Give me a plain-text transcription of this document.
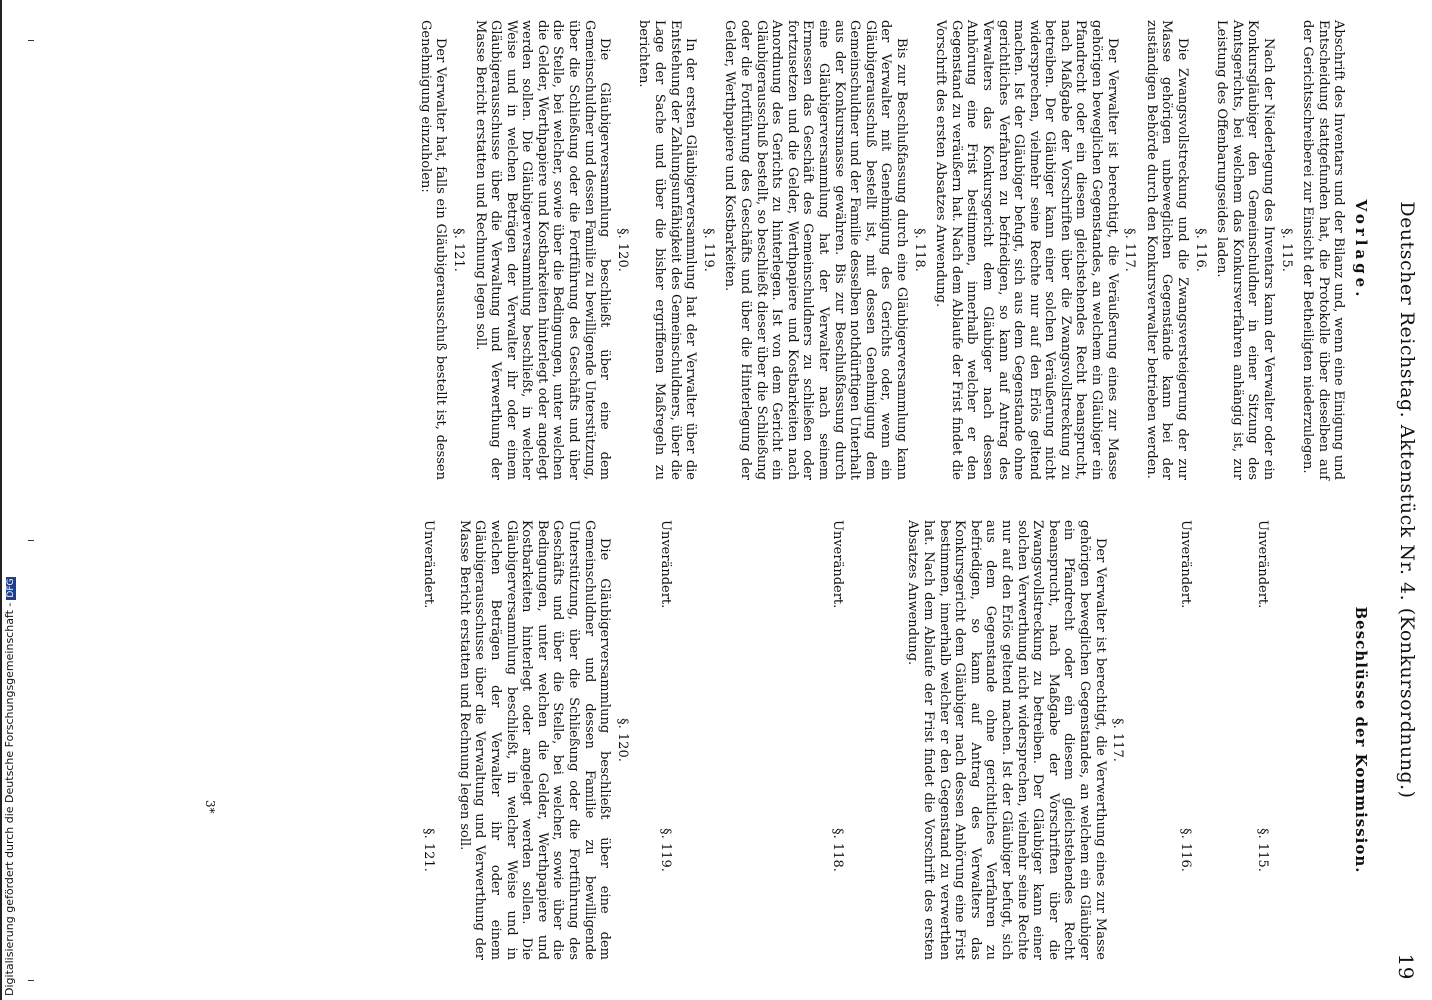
Deutscher Reichstag. Aktenstück Nr. 4. (Konkursordnung.)
19
Vorlage.

Abschrift des Inventars und der Bilanz und, wenn eine Einigung und Entscheidung stattgefunden hat, die Protokolle über dieselben auf der Gerichtsschreiberei zur Einsicht der Betheiligten niederzulegen.

§. 115.

Nach der Niederlegung des Inventars kann der Verwalter oder ein Konkursgläubiger den Gemeinschuldner in einer Sitzung des Amtsgerichts, bei welchem das Konkursverfahren anhängig ist, zur Leistung des Offenbarungseides laden.

§. 116.

Die Zwangsvollstreckung und die Zwangsversteigerung der zur Masse gehörigen unbeweglichen Gegenstände kann bei der zuständigen Behörde durch den Konkursverwalter betrieben werden.

§. 117.

Der Verwalter ist berechtigt, die Veräußerung eines zur Masse gehörigen beweglichen Gegenstandes, an welchem ein Gläubiger ein Pfandrecht oder ein diesem gleichstehendes Recht beansprucht, nach Maßgabe der Vorschriften über die Zwangsvollstreckung zu betreiben. Der Gläubiger kann einer solchen Veräußerung nicht widersprechen, vielmehr seine Rechte nur auf den Erlös geltend machen. Ist der Gläubiger befugt, sich aus dem Gegenstande ohne gerichtliches Verfahren zu befriedigen, so kann auf Antrag des Verwalters das Konkursgericht dem Gläubiger nach dessen Anhörung eine Frist bestimmen, innerhalb welcher er den Gegenstand zu veräußern hat. Nach dem Ablaufe der Frist findet die Vorschrift des ersten Absatzes Anwendung.

§. 118.

Bis zur Beschlußfassung durch eine Gläubigerversammlung kann der Verwalter mit Genehmigung des Gerichts oder, wenn ein Gläubigerausschuß bestellt ist, mit dessen Genehmigung dem Gemeinschuldner und der Familie desselben nothdürftigen Unterhalt aus der Konkursmasse gewähren. Bis zur Beschlußfassung durch eine Gläubigerversammlung hat der Verwalter nach seinem Ermessen das Geschäft des Gemeinschuldners zu schließen oder fortzusetzen und die Gelder, Werthpapiere und Kostbarkeiten nach Anordnung des Gerichts zu hinterlegen. Ist von dem Gericht ein Gläubigerausschuß bestellt, so beschließt dieser über die Schließung oder die Fortführung des Geschäfts und über die Hinterlegung der Gelder, Werthpapiere und Kostbarkeiten.

§. 119.

In der ersten Gläubigerversammlung hat der Verwalter über die Entstehung der Zahlungsunfähigkeit des Gemeinschuldners, über die Lage der Sache und über die bisher ergriffenen Maßregeln zu berichten.

§. 120.

Die Gläubigerversammlung beschließt über eine dem Gemeinschuldner und dessen Familie zu bewilligende Unterstützung, über die Schließung oder die Fortführung des Geschäfts und über die Stelle, bei welcher, sowie über die Bedingungen, unter welchen die Gelder, Werthpapiere und Kostbarkeiten hinterlegt oder angelegt werden sollen. Die Gläubigerversammlung beschließt, in welcher Weise und in welchen Beträgen der Verwalter ihr oder einem Gläubigerausschusse über die Verwaltung und Verwerthung der Masse Bericht erstatten und Rechnung legen soll.

§. 121.

Der Verwalter hat, falls ein Gläubigerausschuß bestellt ist, dessen Genehmigung einzuholen:

Beschlüsse der Kommission.
Unverändert.
§. 115.
Unverändert.
§. 116.
§. 117.

Der Verwalter ist berechtigt, die Verwerthung eines zur Masse gehörigen beweglichen Gegenstandes, an welchem ein Gläubiger ein Pfandrecht oder ein diesem gleichstehendes Recht beansprucht, nach Maßgabe der Vorschriften über die Zwangsvollstreckung zu betreiben. Der Gläubiger kann einer solchen Verwerthung nicht widersprechen, vielmehr seine Rechte nur auf den Erlös geltend machen. Ist der Gläubiger befugt, sich aus dem Gegenstande ohne gerichtliches Verfahren zu befriedigen, so kann auf Antrag des Verwalters das Konkursgericht dem Gläubiger nach dessen Anhörung eine Frist bestimmen, innerhalb welcher er den Gegenstand zu verwerthen hat. Nach dem Ablaufe der Frist findet die Vorschrift des ersten Absatzes Anwendung.

Unverändert.
§. 118.
Unverändert.
§. 119.
§. 120.

Die Gläubigerversammlung beschließt über eine dem Gemeinschuldner und dessen Familie zu bewilligende Unterstützung, über die Schließung oder die Fortführung des Geschäfts und über die Stelle, bei welcher, sowie über die Bedingungen, unter welchen die Gelder, Werthpapiere und Kostbarkeiten hinterlegt oder angelegt werden sollen. Die Gläubigerversammlung beschließt, in welcher Weise und in welchen Beträgen der Verwalter ihr oder einem Gläubigerausschusse über die Verwaltung und Verwerthung der Masse Bericht erstatten und Rechnung legen soll.

Unverändert.
§. 121.
3*
Digitalisierung gefördert durch die Deutsche Forschungsgemeinschaft -DFG
